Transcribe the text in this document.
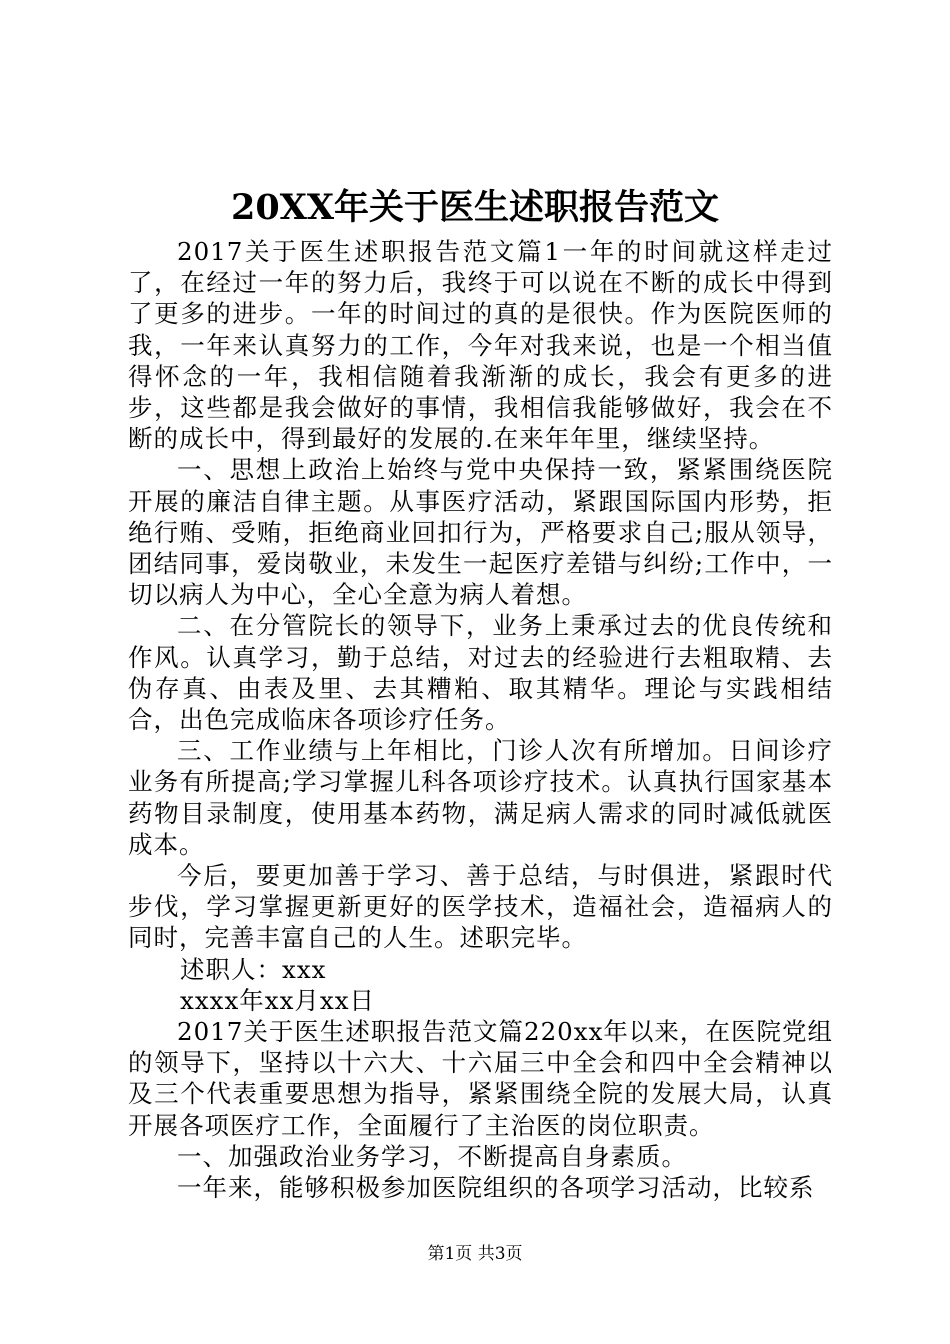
20XX年关于医生述职报告范文

2017关于医生述职报告范文篇1一年的时间就这样走过了，在经过一年的努力后，我终于可以说在不断的成长中得到了更多的进步。一年的时间过的真的是很快。作为医院医师的我，一年来认真努力的工作，今年对我来说，也是一个相当值得怀念的一年，我相信随着我渐渐的成长，我会有更多的进步，这些都是我会做好的事情，我相信我能够做好，我会在不断的成长中，得到最好的发展的.在来年年里，继续坚持。

一、思想上政治上始终与党中央保持一致，紧紧围绕医院开展的廉洁自律主题。从事医疗活动，紧跟国际国内形势，拒绝行贿、受贿，拒绝商业回扣行为，严格要求自己;服从领导，团结同事，爱岗敬业，未发生一起医疗差错与纠纷;工作中，一切以病人为中心，全心全意为病人着想。

二、在分管院长的领导下，业务上秉承过去的优良传统和作风。认真学习，勤于总结，对过去的经验进行去粗取精、去伪存真、由表及里、去其糟粕、取其精华。理论与实践相结合，出色完成临床各项诊疗任务。

三、工作业绩与上年相比，门诊人次有所增加。日间诊疗业务有所提高;学习掌握儿科各项诊疗技术。认真执行国家基本药物目录制度，使用基本药物，满足病人需求的同时减低就医成本。

今后，要更加善于学习、善于总结，与时俱进，紧跟时代步伐，学习掌握更新更好的医学技术，造福社会，造福病人的同时，完善丰富自己的人生。述职完毕。

述职人：xxx

xxxx年xx月xx日

2017关于医生述职报告范文篇220xx年以来，在医院党组的领导下，坚持以十六大、十六届三中全会和四中全会精神以及三个代表重要思想为指导，紧紧围绕全院的发展大局，认真开展各项医疗工作，全面履行了主治医的岗位职责。

一、加强政治业务学习，不断提高自身素质。

一年来，能够积极参加医院组织的各项学习活动，比较系

第1页 共3页
